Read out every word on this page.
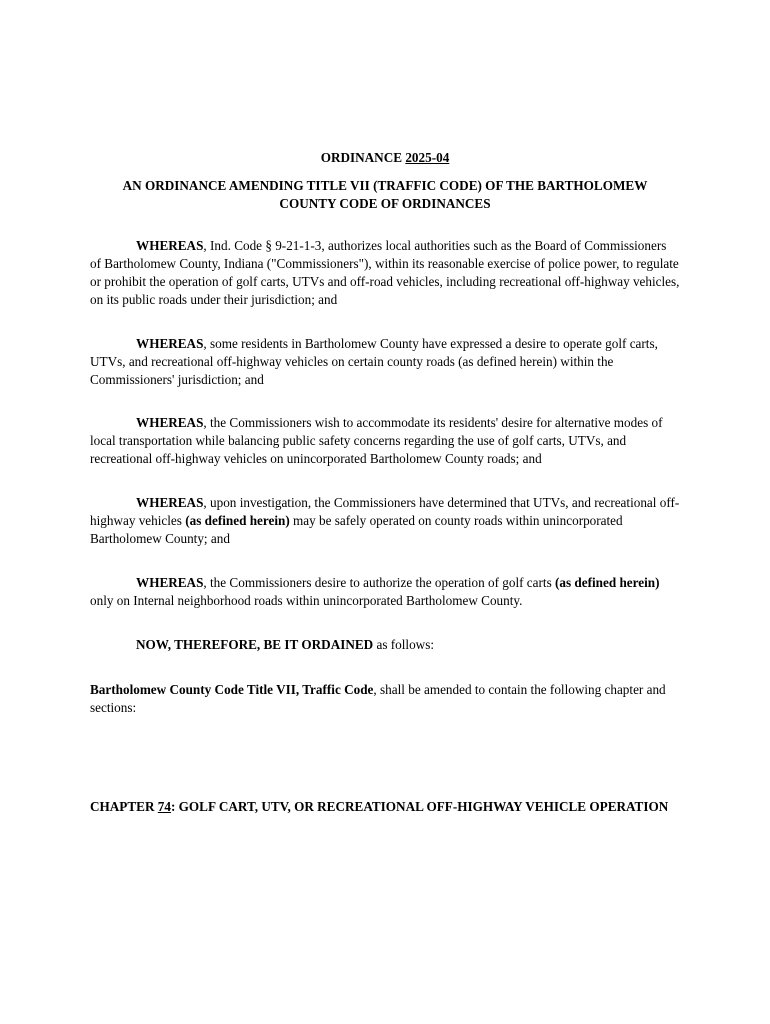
ORDINANCE 2025-04
AN ORDINANCE AMENDING TITLE VII (TRAFFIC CODE) OF THE BARTHOLOMEW
COUNTY CODE OF ORDINANCES

WHEREAS, Ind. Code § 9-21-1-3, authorizes local authorities such as the Board of Commissioners of Bartholomew County, Indiana ("Commissioners"), within its reasonable exercise of police power, to regulate or prohibit the operation of golf carts, UTVs and off-road vehicles, including recreational off-highway vehicles, on its public roads under their jurisdiction; and

WHEREAS, some residents in Bartholomew County have expressed a desire to operate golf carts, UTVs, and recreational off-highway vehicles on certain county roads (as defined herein) within the Commissioners' jurisdiction; and

WHEREAS, the Commissioners wish to accommodate its residents' desire for alternative modes of local transportation while balancing public safety concerns regarding the use of golf carts, UTVs, and recreational off-highway vehicles on unincorporated Bartholomew County roads; and

WHEREAS, upon investigation, the Commissioners have determined that UTVs, and recreational off-highway vehicles (as defined herein) may be safely operated on county roads within unincorporated Bartholomew County; and

WHEREAS, the Commissioners desire to authorize the operation of golf carts (as defined herein) only on Internal neighborhood roads within unincorporated Bartholomew County.

NOW, THEREFORE, BE IT ORDAINED as follows:

Bartholomew County Code Title VII, Traffic Code, shall be amended to contain the following chapter and sections:

CHAPTER 74: GOLF CART, UTV, OR RECREATIONAL OFF-HIGHWAY VEHICLE OPERATION
